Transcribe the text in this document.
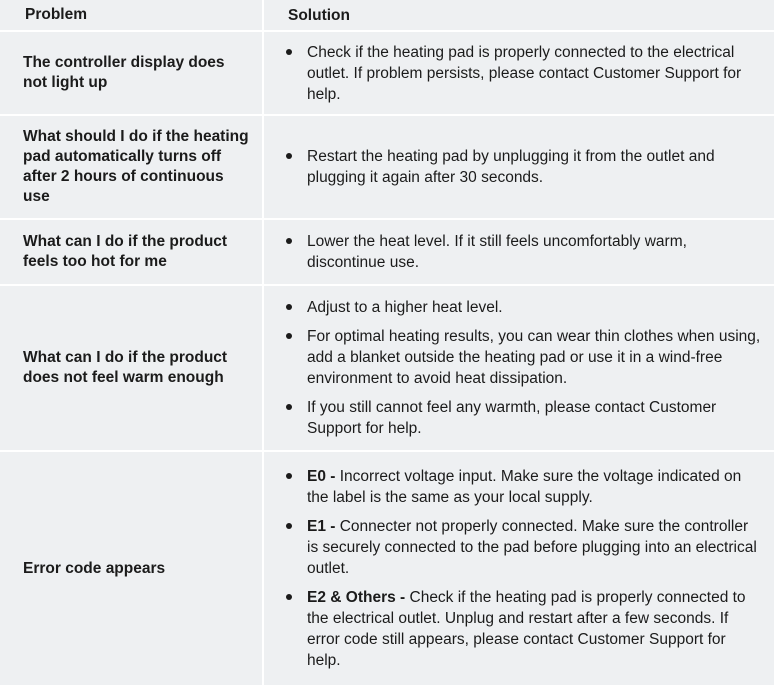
Problem	Solution
The controller display does not light up
Check if the heating pad is properly connected to the electrical outlet. If problem persists, please contact Customer Support for help.
What should I do if the heating pad automatically turns off after 2 hours of continuous use
Restart the heating pad by unplugging it from the outlet and plugging it again after 30 seconds.
What can I do if the product feels too hot for me
Lower the heat level. If it still feels uncomfortably warm, discontinue use.
What can I do if the product does not feel warm enough
Adjust to a higher heat level.
For optimal heating results, you can wear thin clothes when using, add a blanket outside the heating pad or use it in a wind-free environment to avoid heat dissipation.
If you still cannot feel any warmth, please contact Customer Support for help.
Error code appears
E0 - Incorrect voltage input. Make sure the voltage indicated on the label is the same as your local supply.
E1 - Connecter not properly connected. Make sure the controller is securely connected to the pad before plugging into an electrical outlet.
E2 & Others - Check if the heating pad is properly connected to the electrical outlet. Unplug and restart after a few seconds. If error code still appears, please contact Customer Support for help.
